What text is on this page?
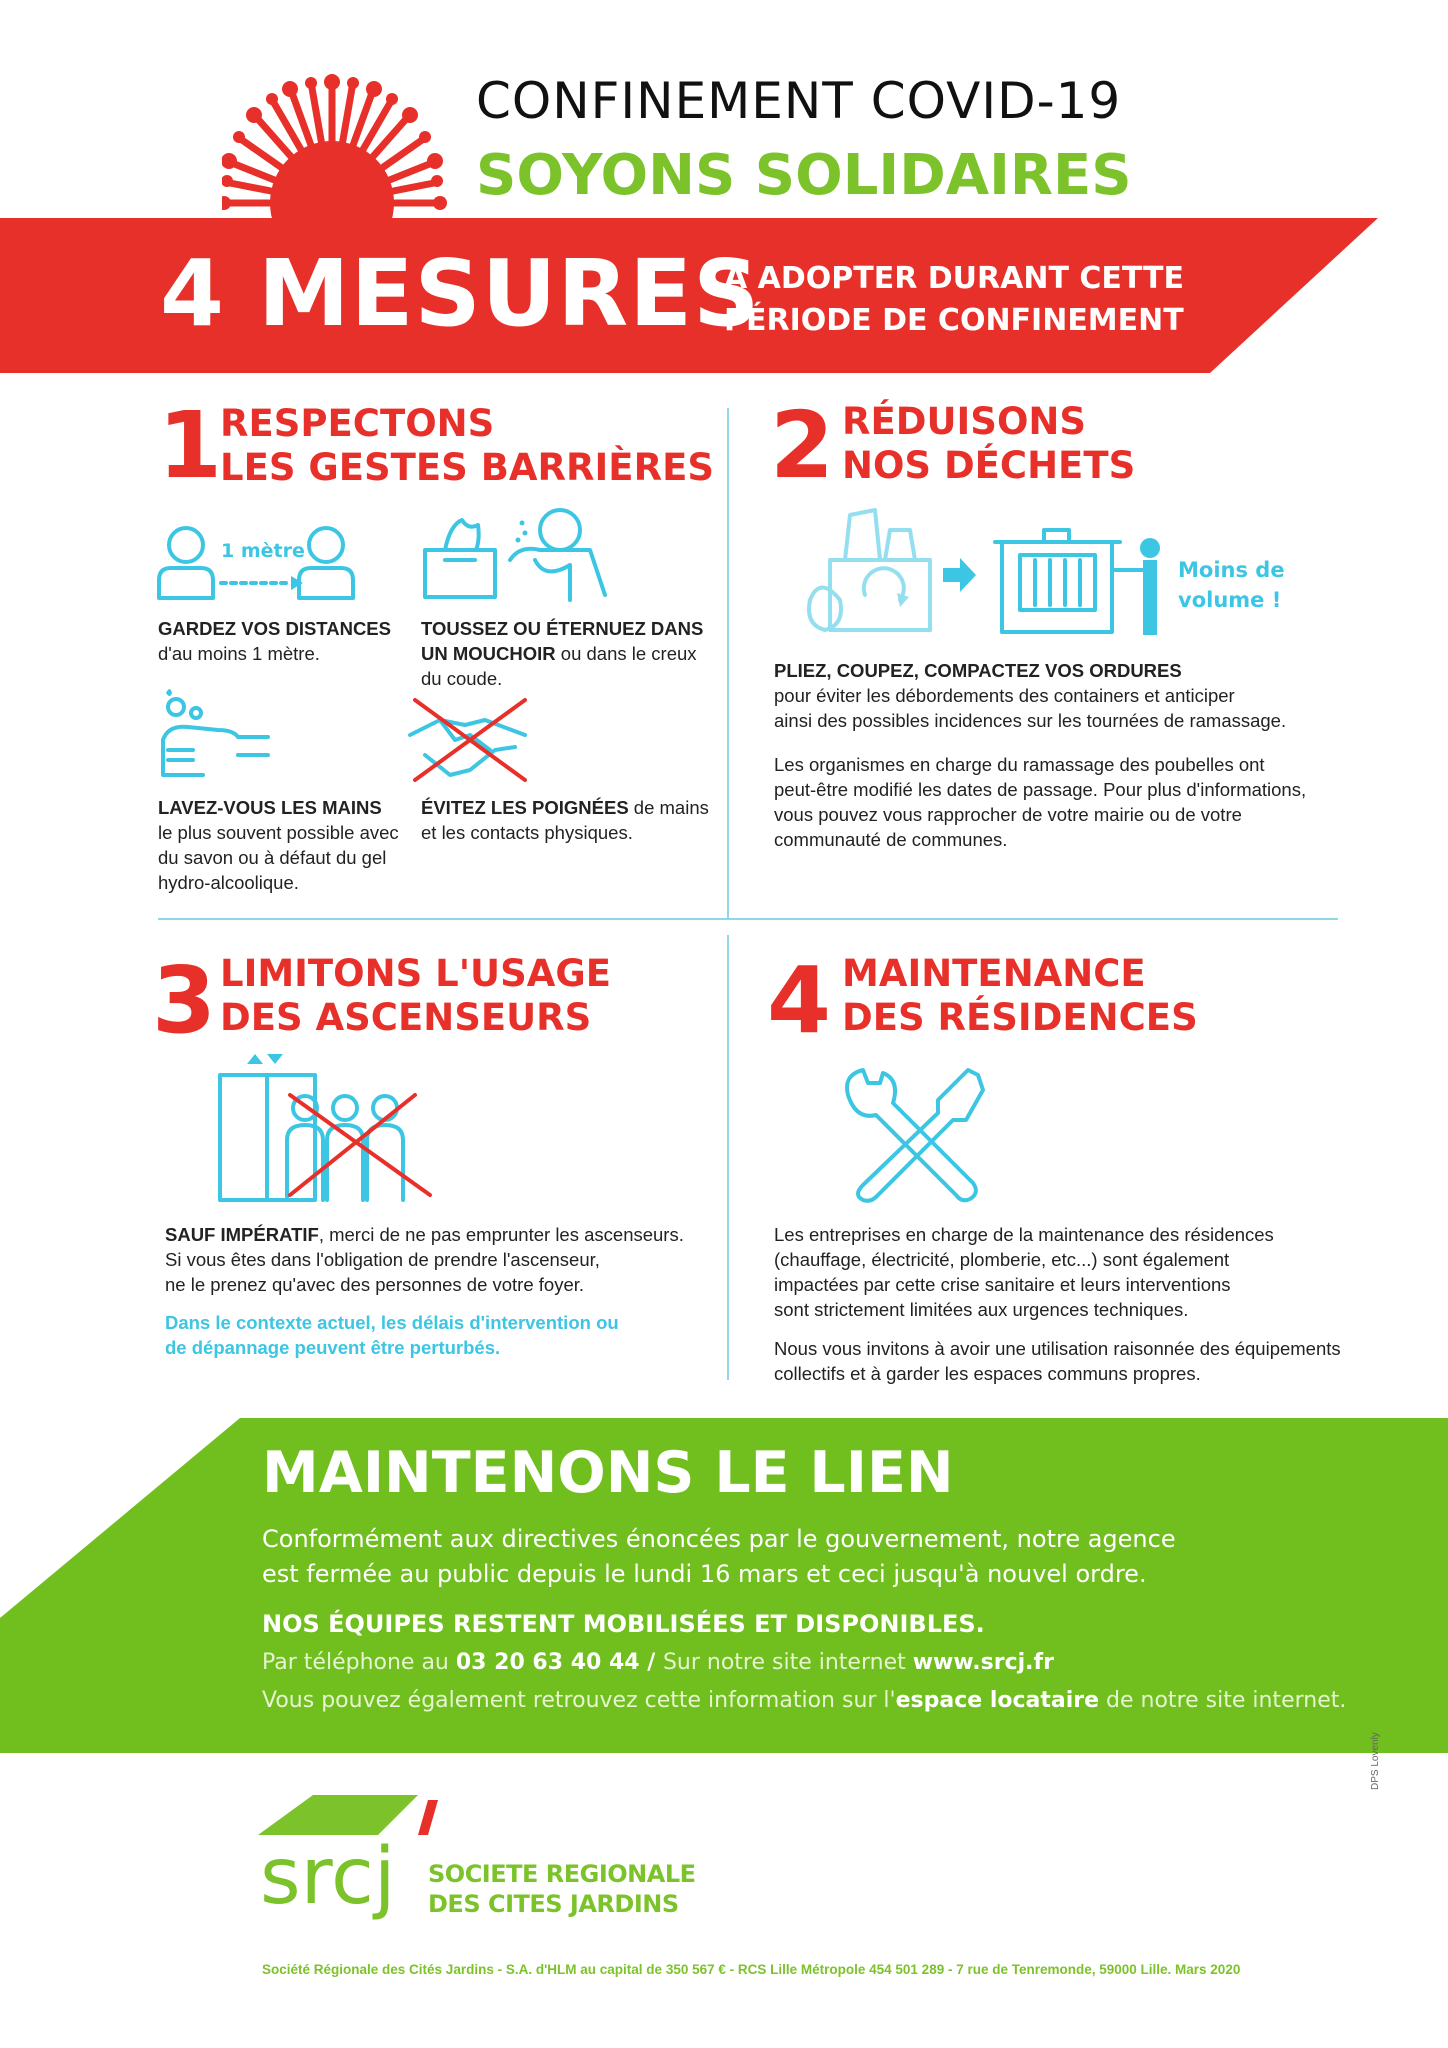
CONFINEMENT COVID-19
SOYONS SOLIDAIRES
4 MESURES
À ADOPTER DURANT CETTE
PÉRIODE DE CONFINEMENT
1
RESPECTONS
LES GESTES BARRIÈRES
1 mètre
GARDEZ VOS DISTANCES
d'au moins 1 mètre.
TOUSSEZ OU ÉTERNUEZ DANS
UN MOUCHOIR ou dans le creux
du coude.
LAVEZ-VOUS LES MAINS
le plus souvent possible avec
du savon ou à défaut du gel
hydro-alcoolique.
ÉVITEZ LES POIGNÉES de mains
et les contacts physiques.
2 RÉDUISONS
NOS DÉCHETS
Moins de
volume !
PLIEZ, COUPEZ, COMPACTEZ VOS ORDURES
pour éviter les débordements des containers et anticiper
ainsi des possibles incidences sur les tournées de ramassage.
Les organismes en charge du ramassage des poubelles ont
peut-être modifié les dates de passage. Pour plus d'informations,
vous pouvez vous rapprocher de votre mairie ou de votre
communauté de communes.
3 LIMITONS L'USAGE
DES ASCENSEURS
SAUF IMPÉRATIF, merci de ne pas emprunter les ascenseurs.
Si vous êtes dans l'obligation de prendre l'ascenseur,
ne le prenez qu'avec des personnes de votre foyer.
Dans le contexte actuel, les délais d'intervention ou
de dépannage peuvent être perturbés.
4 MAINTENANCE
DES RÉSIDENCES
Les entreprises en charge de la maintenance des résidences
(chauffage, électricité, plomberie, etc...) sont également
impactées par cette crise sanitaire et leurs interventions
sont strictement limitées aux urgences techniques.
Nous vous invitons à avoir une utilisation raisonnée des équipements
collectifs et à garder les espaces communs propres.
MAINTENONS LE LIEN
Conformément aux directives énoncées par le gouvernement, notre agence
est fermée au public depuis le lundi 16 mars et ceci jusqu'à nouvel ordre.
NOS ÉQUIPES RESTENT MOBILISÉES ET DISPONIBLES.
Par téléphone au 03 20 63 40 44 / Sur notre site internet www.srcj.fr
Vous pouvez également retrouvez cette information sur l'espace locataire de notre site internet.
srcj SOCIETE REGIONALE
DES CITES JARDINS
DPS Lovenly
Société Régionale des Cités Jardins - S.A. d'HLM au capital de 350 567 € - RCS Lille Métropole 454 501 289 - 7 rue de Tenremonde, 59000 Lille. Mars 2020
